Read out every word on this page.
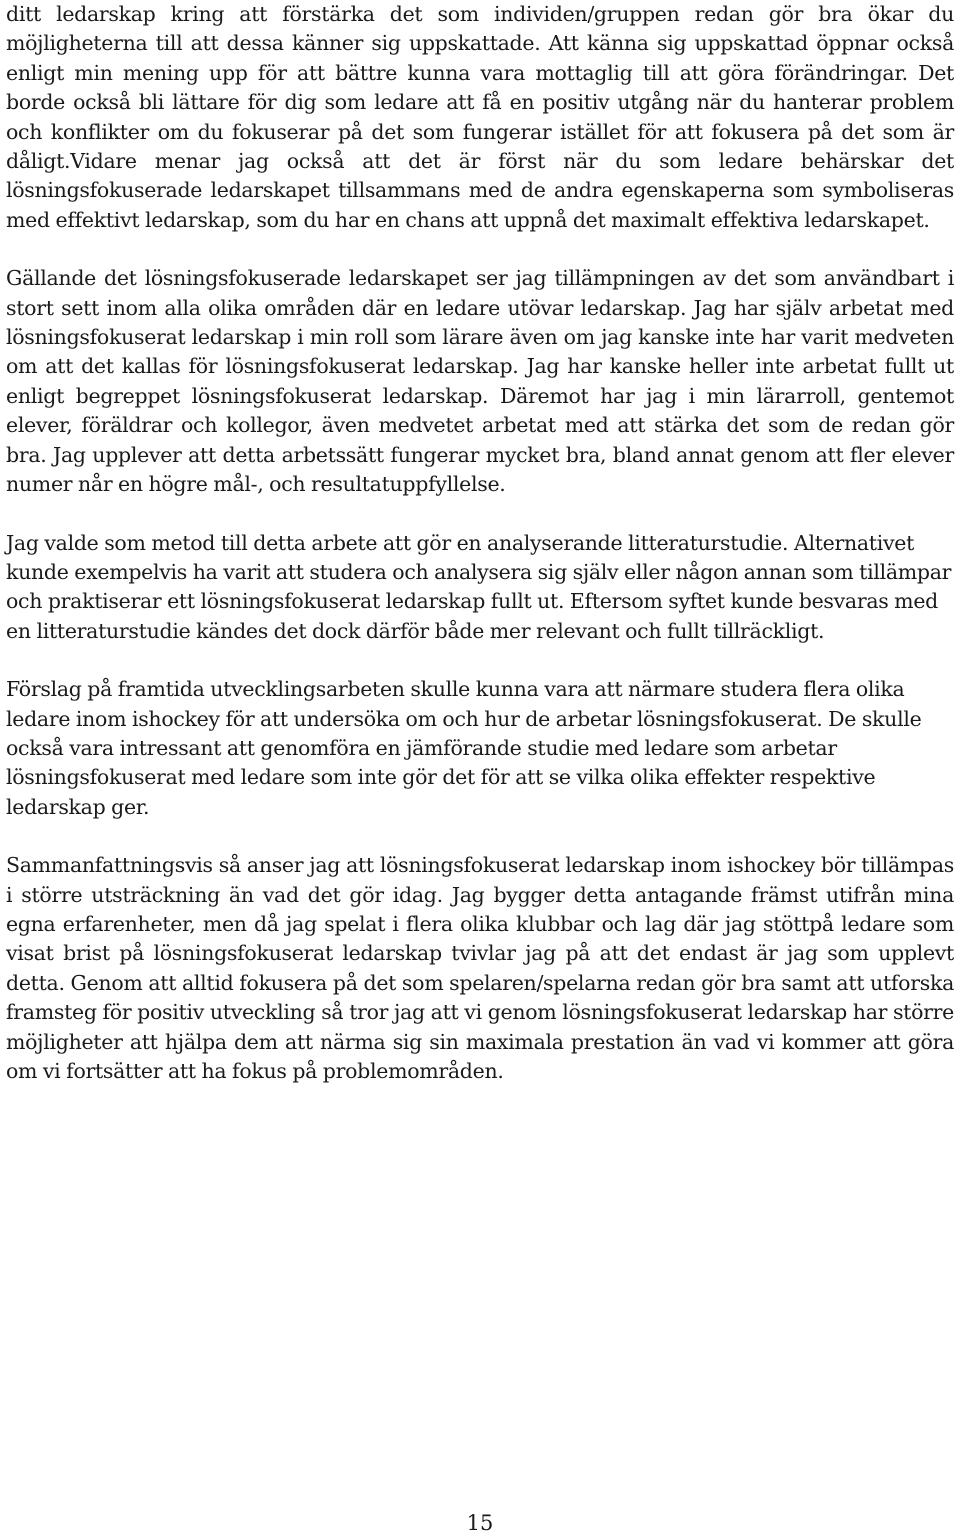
ditt ledarskap kring att förstärka det som individen/gruppen redan gör bra ökar du möjligheterna till att dessa känner sig uppskattade. Att känna sig uppskattad öppnar också enligt min mening upp för att bättre kunna vara mottaglig till att göra förändringar. Det borde också bli lättare för dig som ledare att få en positiv utgång när du hanterar problem och konflikter om du fokuserar på det som fungerar istället för att fokusera på det som är dåligt.Vidare menar jag också att det är först när du som ledare behärskar det lösningsfokuserade ledarskapet tillsammans med de andra egenskaperna som symboliseras med effektivt ledarskap, som du har en chans att uppnå det maximalt effektiva ledarskapet.

Gällande det lösningsfokuserade ledarskapet ser jag tillämpningen av det som användbart i stort sett inom alla olika områden där en ledare utövar ledarskap. Jag har själv arbetat med lösningsfokuserat ledarskap i min roll som lärare även om jag kanske inte har varit medveten om att det kallas för lösningsfokuserat ledarskap. Jag har kanske heller inte arbetat fullt ut enligt begreppet lösningsfokuserat ledarskap. Däremot har jag i min lärarroll, gentemot elever, föräldrar och kollegor, även medvetet arbetat med att stärka det som de redan gör bra. Jag upplever att detta arbetssätt fungerar mycket bra, bland annat genom att fler elever numer når en högre mål-, och resultatuppfyllelse.

Jag valde som metod till detta arbete att gör en analyserande litteraturstudie. Alternativet kunde exempelvis ha varit att studera och analysera sig själv eller någon annan som tillämpar och praktiserar ett lösningsfokuserat ledarskap fullt ut. Eftersom syftet kunde besvaras med en litteraturstudie kändes det dock därför både mer relevant och fullt tillräckligt.

Förslag på framtida utvecklingsarbeten skulle kunna vara att närmare studera flera olika ledare inom ishockey för att undersöka om och hur de arbetar lösningsfokuserat. De skulle också vara intressant att genomföra en jämförande studie med ledare som arbetar lösningsfokuserat med ledare som inte gör det för att se vilka olika effekter respektive ledarskap ger.

Sammanfattningsvis så anser jag att lösningsfokuserat ledarskap inom ishockey bör tillämpas i större utsträckning än vad det gör idag. Jag bygger detta antagande främst utifrån mina egna erfarenheter, men då jag spelat i flera olika klubbar och lag där jag stöttpå ledare som visat brist på lösningsfokuserat ledarskap tvivlar jag på att det endast är jag som upplevt detta. Genom att alltid fokusera på det som spelaren/spelarna redan gör bra samt att utforska framsteg för positiv utveckling så tror jag att vi genom lösningsfokuserat ledarskap har större möjligheter att hjälpa dem att närma sig sin maximala prestation än vad vi kommer att göra om vi fortsätter att ha fokus på problemområden.

15
